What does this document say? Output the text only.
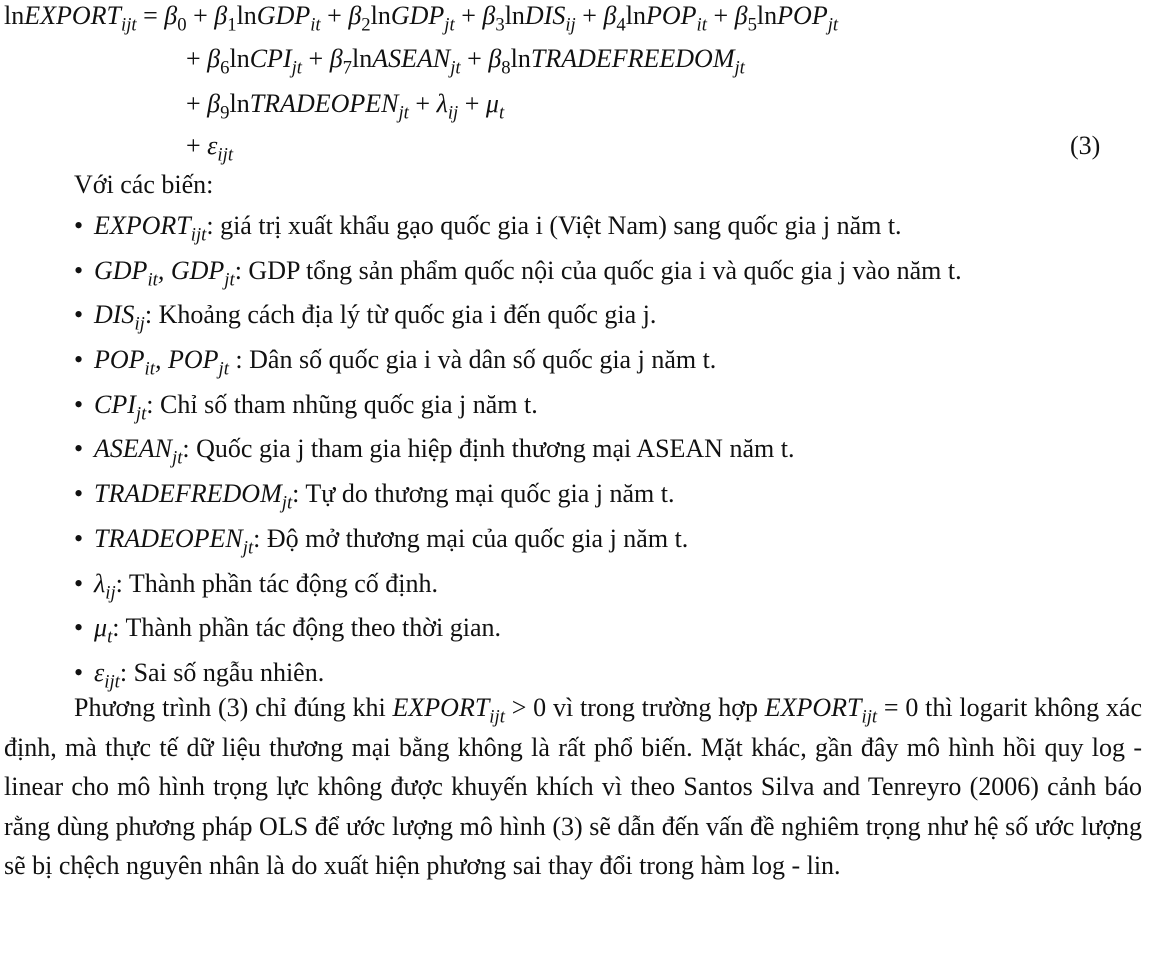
lnEXPORT$_{ijt}$ = $\beta_0$ + $\beta_1lnGDP_{it}$ + $\beta_2lnGDP_{jt}$ + $\beta_3lnDIS_{ij}$ + $\beta_4lnPOP_{it}$ + $\beta_5lnPOP_{jt}$
+ $\beta_6lnCPI_{jt}$ + $\beta_7lnASEAN_{jt}$ + $\beta_8lnTRADEFREEDOM_{jt}$
+ $\beta_9lnTRADEOPEN_{jt} + \lambda_{ij} + \mu_t$
+ $\varepsilon_{ijt}$	(3)
Với các biến:
• $EXPORT_{ijt}$: giá trị xuất khẩu gạo quốc gia i (Việt Nam) sang quốc gia j năm t.
• $GDP_{it}$, $GDP_{jt}$: GDP tổng sản phẩm quốc nội của quốc gia i và quốc gia j vào năm t.
• $DIS_{ij}$: Khoảng cách địa lý từ quốc gia i đến quốc gia j.
• $POP_{it}$, $POP_{jt}$ : Dân số quốc gia i và dân số quốc gia j năm t.
• $CPI_{jt}$: Chỉ số tham nhũng quốc gia j năm t.
• $ASEAN_{jt}$: Quốc gia j tham gia hiệp định thương mại ASEAN năm t.
• $TRADEFREDOM_{jt}$: Tự do thương mại quốc gia j năm t.
• $TRADEOPEN_{jt}$: Độ mở thương mại của quốc gia j năm t.
• $\lambda_{ij}$: Thành phần tác động cố định.
• $\mu_t$: Thành phần tác động theo thời gian.
• $\varepsilon_{ijt}$: Sai số ngẫu nhiên.
Phương trình (3) chỉ đúng khi $EXPORT_{ijt} > 0$ vì trong trường hợp $EXPORT_{ijt} = 0$ thì logarit không xác định, mà thực tế dữ liệu thương mại bằng không là rất phổ biến. Mặt khác, gần đây mô hình hồi quy log - linear cho mô hình trọng lực không được khuyến khích vì theo Santos Silva and Tenreyro (2006) cảnh báo rằng dùng phương pháp OLS để ước lượng mô hình (3) sẽ dẫn đến vấn đề nghiêm trọng như hệ số ước lượng sẽ bị chệch nguyên nhân là do xuất hiện phương sai thay đổi trong hàm log - lin.
